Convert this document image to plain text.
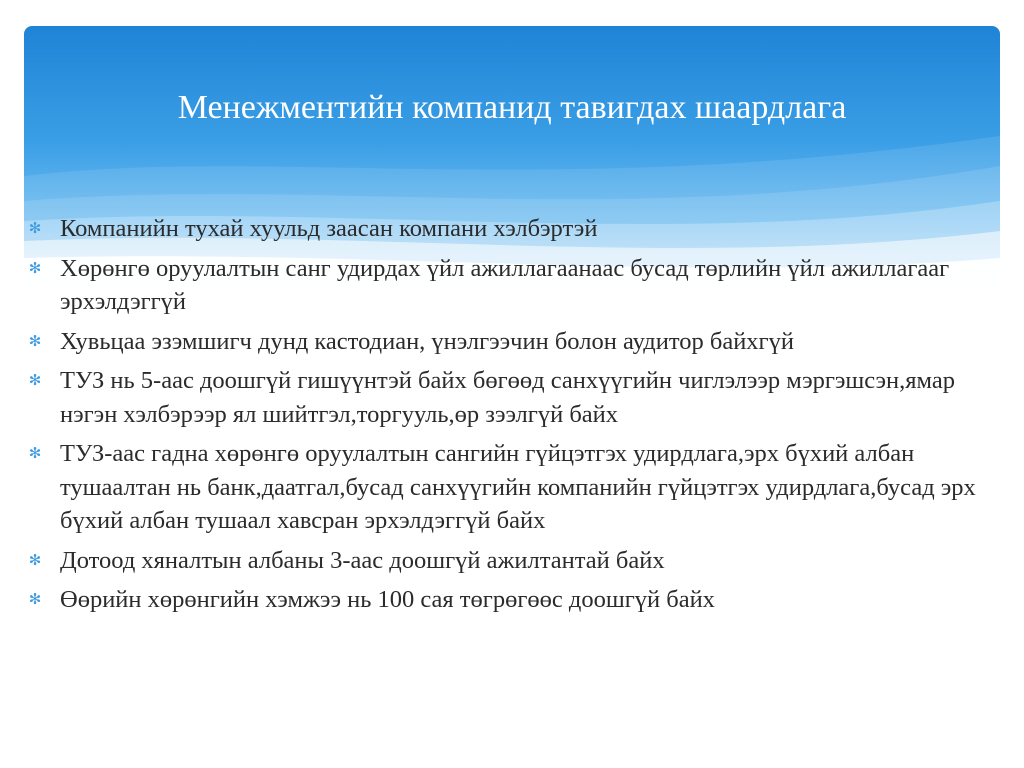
Менежментийн компанид тавигдах шаардлага
✻ Компанийн тухай хуульд заасан компани хэлбэртэй
✻ Хөрөнгө оруулалтын санг удирдах үйл ажиллагаанаас бусад төрлийн үйл ажиллагааг эрхэлдэггүй
✻ Хувьцаа эзэмшигч дунд кастодиан, үнэлгээчин болон аудитор байхгүй
✻ ТУЗ нь 5-аас доошгүй гишүүнтэй байх бөгөөд санхүүгийн чиглэлээр мэргэшсэн,ямар нэгэн хэлбэрээр ял шийтгэл,торгууль,өр зээлгүй байх
✻ ТУЗ-аас гадна хөрөнгө оруулалтын сангийн гүйцэтгэх удирдлага,эрх бүхий албан тушаалтан нь банк,даатгал,бусад санхүүгийн компанийн гүйцэтгэх удирдлага,бусад эрх бүхий албан тушаал хавсран эрхэлдэггүй байх
✻ Дотоод хяналтын албаны 3-аас доошгүй ажилтантай байх
✻ Өөрийн хөрөнгийн хэмжээ нь 100 сая төгрөгөөс доошгүй байх
